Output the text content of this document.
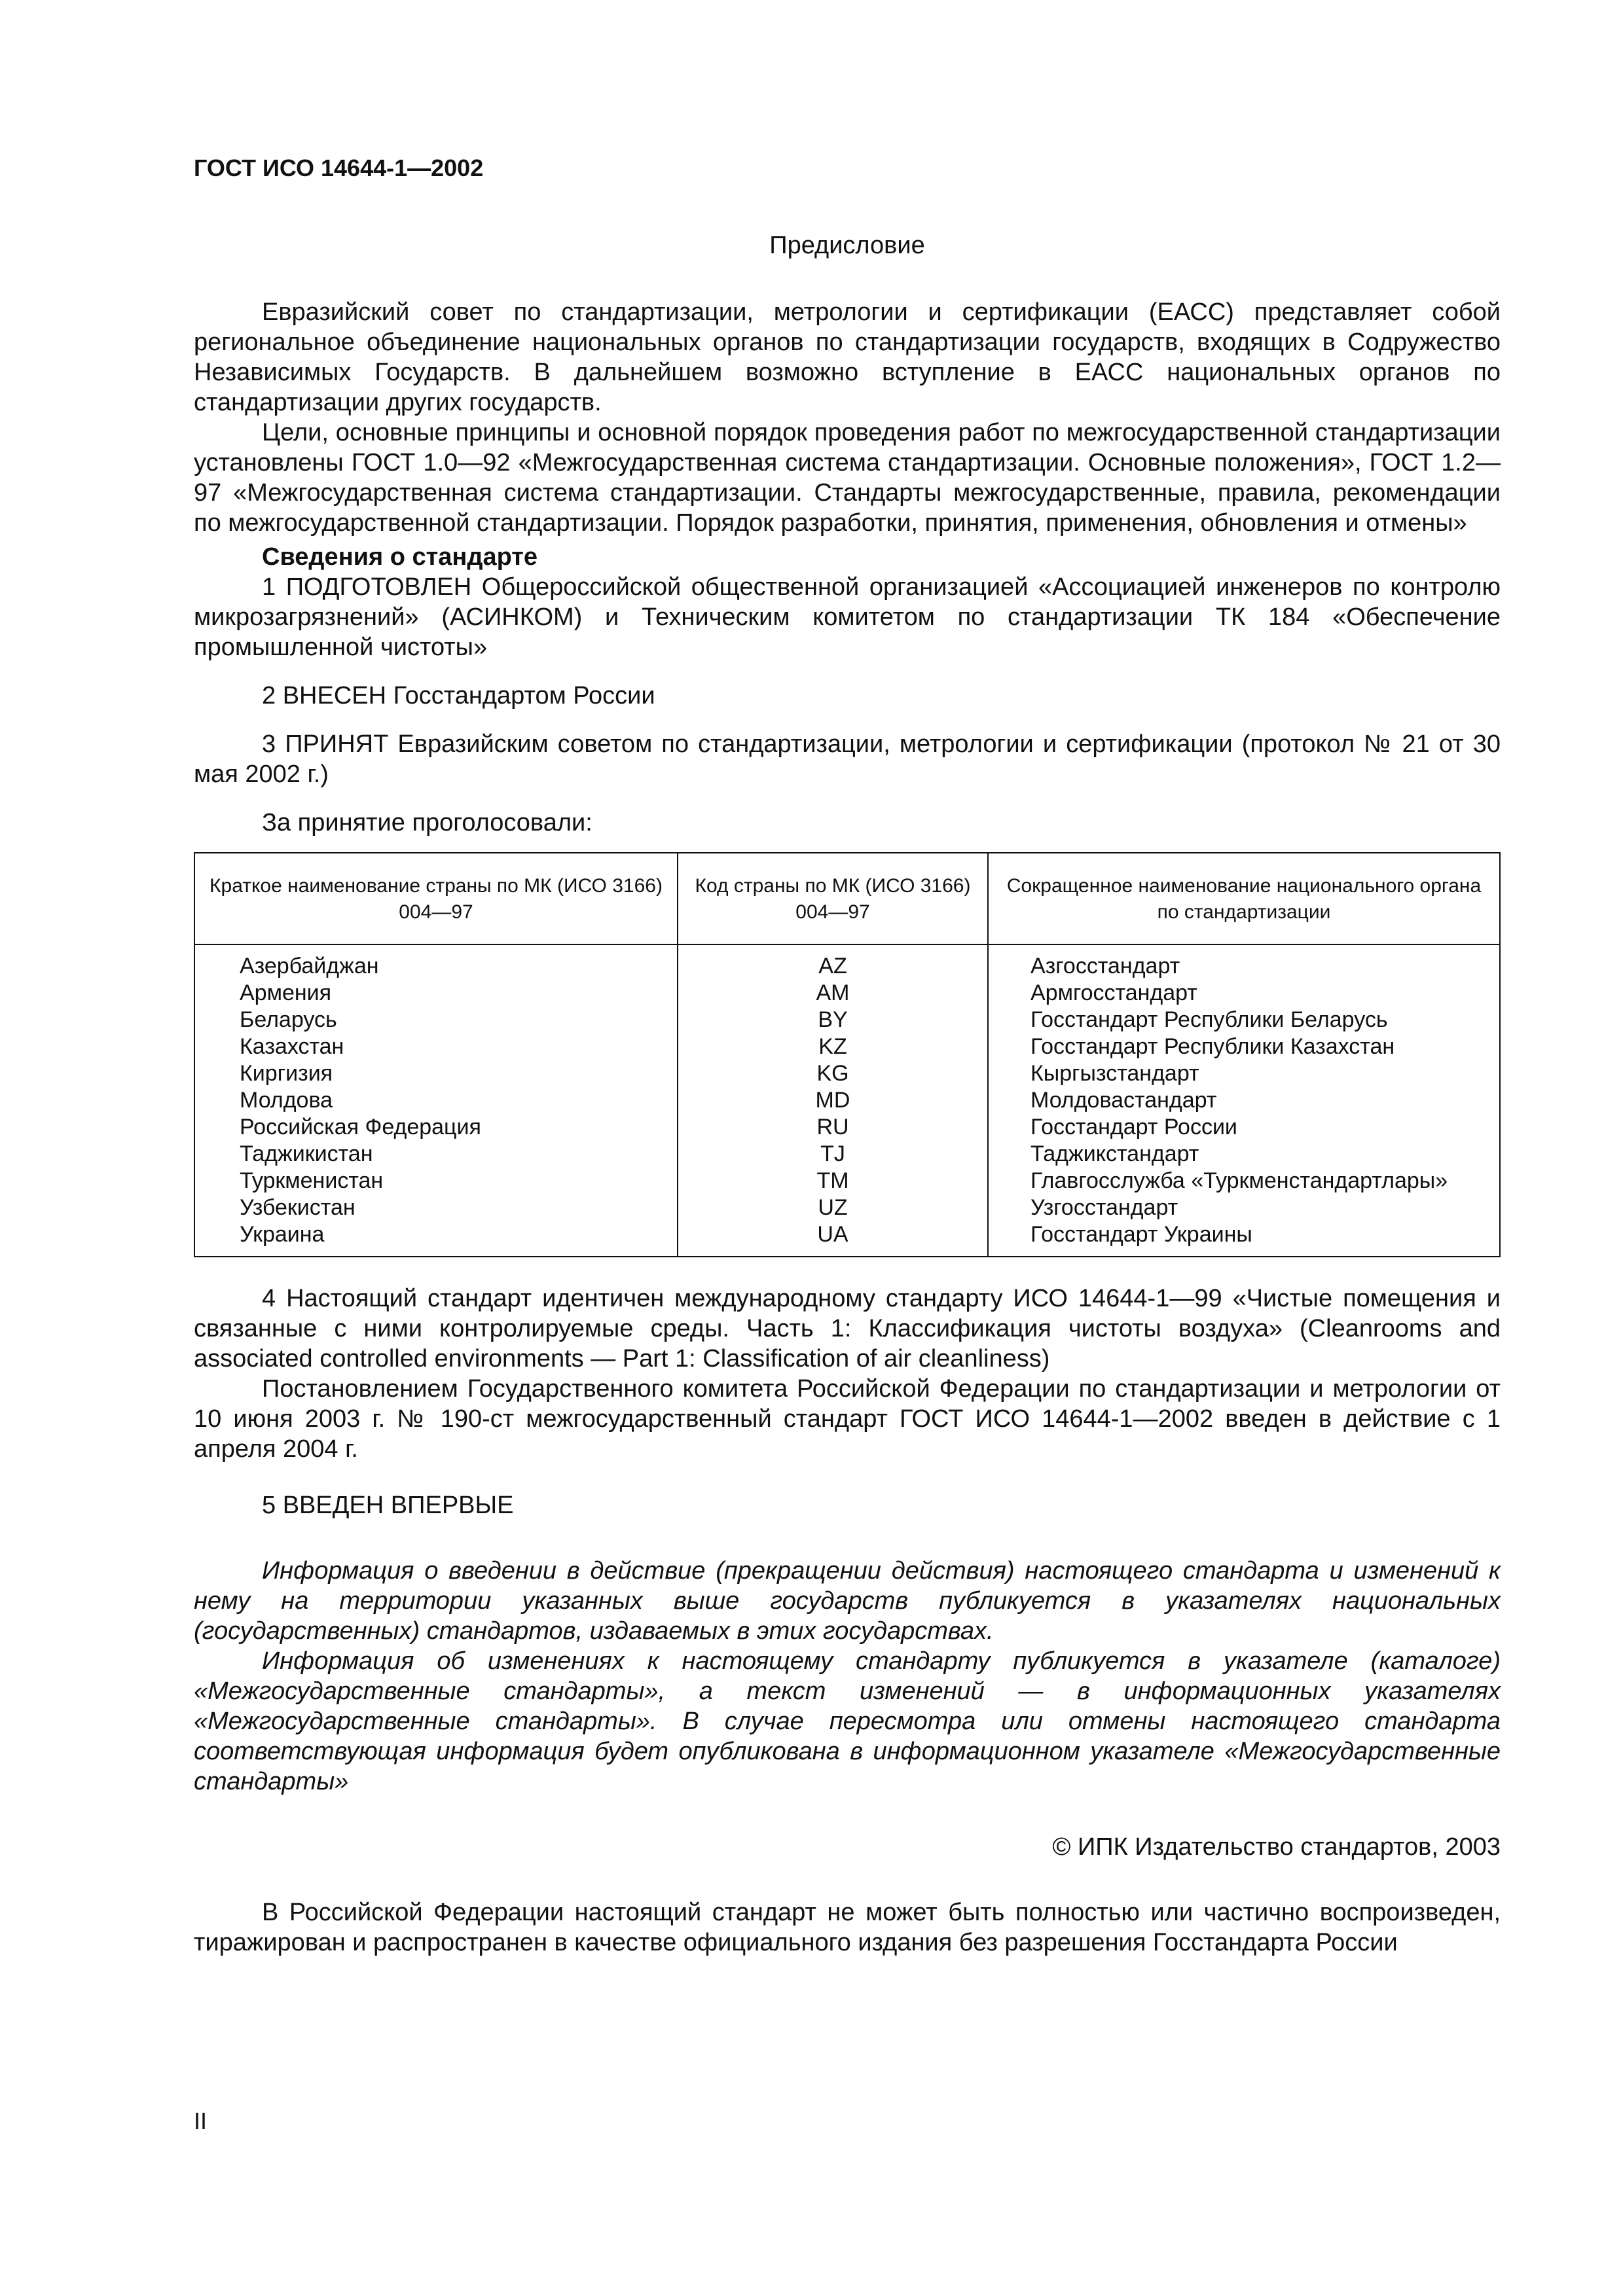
ГОСТ ИСО 14644-1—2002
Предисловие

Евразийский совет по стандартизации, метрологии и сертификации (ЕАСС) представляет собой региональное объединение национальных органов по стандартизации государств, входящих в Содружество Независимых Государств. В дальнейшем возможно вступление в ЕАСС национальных органов по стандартизации других государств.

Цели, основные принципы и основной порядок проведения работ по межгосударственной стандартизации установлены ГОСТ 1.0—92 «Межгосударственная система стандартизации. Основные положения», ГОСТ 1.2—97 «Межгосударственная система стандартизации. Стандарты межгосударственные, правила, рекомендации по межгосударственной стандартизации. Порядок разработки, принятия, применения, обновления и отмены»

Сведения о стандарте

1 ПОДГОТОВЛЕН Общероссийской общественной организацией «Ассоциацией инженеров по контролю микрозагрязнений» (АСИНКОМ) и Техническим комитетом по стандартизации ТК 184 «Обеспечение промышленной чистоты»

2 ВНЕСЕН Госстандартом России

3 ПРИНЯТ Евразийским советом по стандартизации, метрологии и сертификации (протокол № 21 от 30 мая 2002 г.)

За принятие проголосовали:

Краткое наименование страны по МК (ИСО 3166) 004—97	Код страны по МК (ИСО 3166) 004—97	Сокращенное наименование национального органа по стандартизации
Азербайджан	AZ	Азгосстандарт
Армения	AM	Армгосстандарт
Беларусь	BY	Госстандарт Республики Беларусь
Казахстан	KZ	Госстандарт Республики Казахстан
Киргизия	KG	Кыргызстандарт
Молдова	MD	Молдовастандарт
Российская Федерация	RU	Госстандарт России
Таджикистан	TJ	Таджикстандарт
Туркменистан	TM	Главгосслужба «Туркменстандартлары»
Узбекистан	UZ	Узгосстандарт
Украина	UA	Госстандарт Украины

4 Настоящий стандарт идентичен международному стандарту ИСО 14644-1—99 «Чистые помещения и связанные с ними контролируемые среды. Часть 1: Классификация чистоты воздуха» (Cleanrooms and associated controlled environments — Part 1: Classification of air cleanliness)

Постановлением Государственного комитета Российской Федерации по стандартизации и метрологии от 10 июня 2003 г. № 190-ст межгосударственный стандарт ГОСТ ИСО 14644-1—2002 введен в действие с 1 апреля 2004 г.

5 ВВЕДЕН ВПЕРВЫЕ

Информация о введении в действие (прекращении действия) настоящего стандарта и изменений к нему на территории указанных выше государств публикуется в указателях национальных (государственных) стандартов, издаваемых в этих государствах.

Информация об изменениях к настоящему стандарту публикуется в указателе (каталоге) «Межгосударственные стандарты», а текст изменений — в информационных указателях «Межгосударственные стандарты». В случае пересмотра или отмены настоящего стандарта соответствующая информация будет опубликована в информационном указателе «Межгосударственные стандарты»

© ИПК Издательство стандартов, 2003

В Российской Федерации настоящий стандарт не может быть полностью или частично воспроизведен, тиражирован и распространен в качестве официального издания без разрешения Госстандарта России

II
